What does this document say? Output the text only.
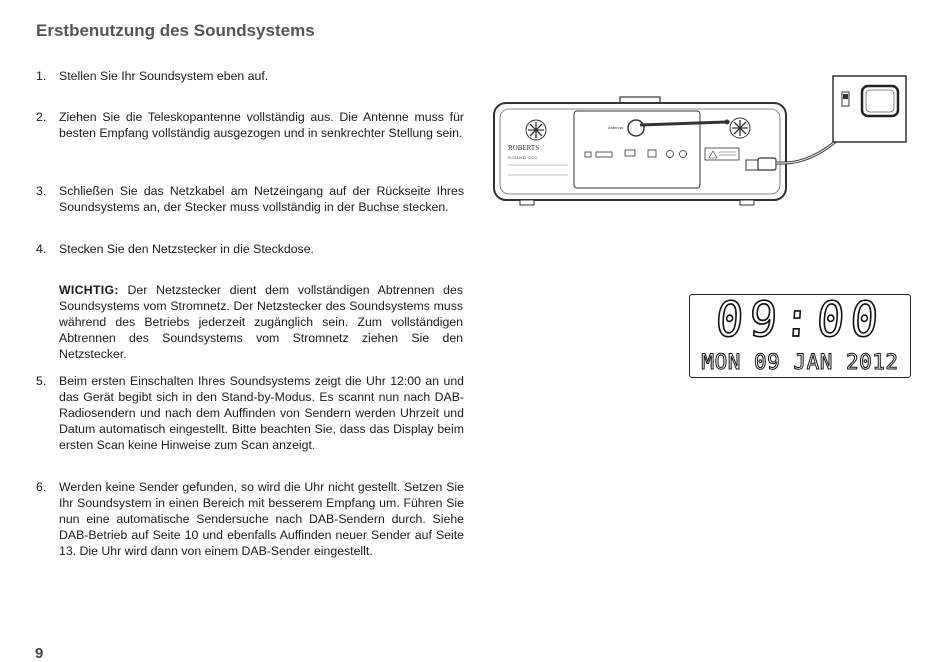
Erstbenutzung des Soundsystems
1. Stellen Sie Ihr Soundsystem eben auf.
2. Ziehen Sie die Teleskopantenne vollständig aus. Die Antenne muss für besten Empfang vollständig ausgezogen und in senkrechter Stellung sein.
3. Schließen Sie das Netzkabel am Netzeingang auf der Rückseite Ihres Soundsystems an, der Stecker muss vollständig in der Buchse stecken.
4. Stecken Sie den Netzstecker in die Steckdose.
WICHTIG: Der Netzstecker dient dem vollständigen Abtrennen des Soundsystems vom Stromnetz. Der Netzstecker des Soundsystems muss während des Betriebs jederzeit zugänglich sein. Zum vollständigen Abtrennen des Soundsystems vom Stromnetz ziehen Sie den Netzstecker.
5. Beim ersten Einschalten Ihres Soundsystems zeigt die Uhr 12:00 an und das Gerät begibt sich in den Stand-by-Modus. Es scannt nun nach DAB-Radiosendern und nach dem Auffinden von Sendern werden Uhrzeit und Datum automatisch eingestellt. Bitte beachten Sie, dass das Display beim ersten Scan keine Hinweise zum Scan anzeigt.
6. Werden keine Sender gefunden, so wird die Uhr nicht gestellt. Setzen Sie Ihr Soundsystem in einen Bereich mit besserem Empfang um. Führen Sie nun eine automatische Sendersuche nach DAB-Sendern durch. Siehe DAB-Betrieb auf Seite 10 und ebenfalls Auffinden neuer Sender auf Seite 13. Die Uhr wird dann von einem DAB-Sender eingestellt.
Antenna
ROBERTS
SOUND 200
09:00
MON 09 JAN 2012
9
